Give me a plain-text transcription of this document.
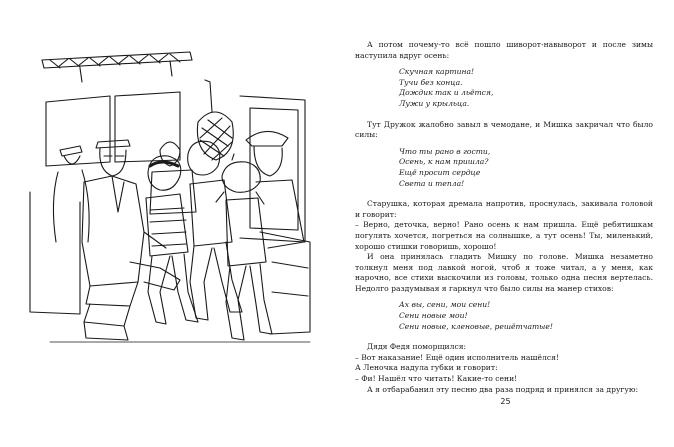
А потом почему-то всё пошло шиворот-навыворот и после зимы наступила вдруг осень:

Скучная картина!
Тучи без конца.
Дождик так и льётся,
Лужи у крыльца.

Тут Дружок жалобно завыл в чемодане, и Мишка закричал что было силы:

Что ты рано в гости,
Осень, к нам пришла?
Ещё просит сердце
Света и тепла!

Старушка, которая дремала напротив, проснулась, закивала головой и говорит:

– Верно, деточка, верно! Рано осень к нам пришла. Ещё ребятишкам погулять хочется, погреться на солнышке, а тут осень! Ты, миленький, хорошо стишки говоришь, хорошо!

И она принялась гладить Мишку по голове. Мишка незаметно толкнул меня под лавкой ногой, чтоб я тоже читал, а у меня, как нарочно, все стихи выскочили из головы, только одна песня вертелась. Недолго раздумывая я гаркнул что было силы на манер стихов:

Ах вы, сени, мои сени!
Сени новые мои!
Сени новые, кленовые, решётчатые!

Дядя Федя поморщился:

– Вот наказание! Ещё один исполнитель нашёлся!

А Леночка надула губки и говорит:

– Фи! Нашёл что читать! Какие-то сени!

А я отбарабанил эту песню два раза подряд и принялся за другую:

25
